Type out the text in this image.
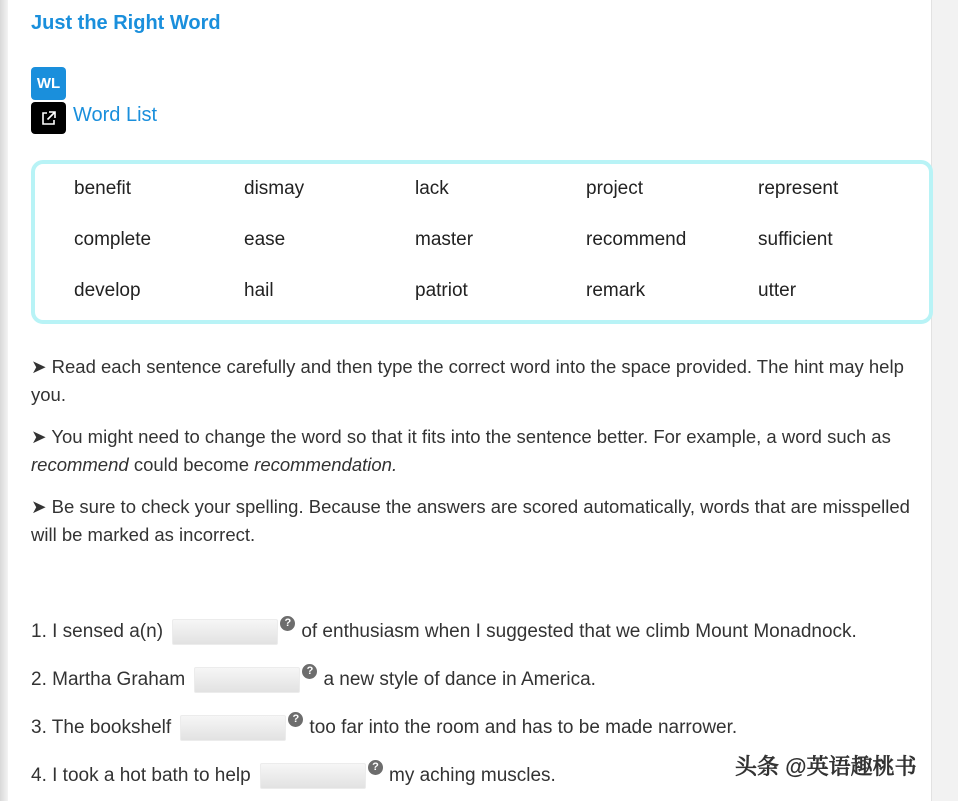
Just the Right Word
WL
Word List
benefit	dismay	lack	project	represent
complete	ease	master	recommend	sufficient
develop	hail	patriot	remark	utter
➤ Read each sentence carefully and then type the correct word into the space provided. The hint may help you.
➤ You might need to change the word so that it fits into the sentence better. For example, a word such as recommend could become recommendation.
➤ Be sure to check your spelling. Because the answers are scored automatically, words that are misspelled will be marked as incorrect.
1. I sensed a(n)	? of enthusiasm when I suggested that we climb Mount Monadnock.
2. Martha Graham	? a new style of dance in America.
3. The bookshelf	? too far into the room and has to be made narrower.
4. I took a hot bath to help	? my aching muscles.	头条 @英语趣桃书
